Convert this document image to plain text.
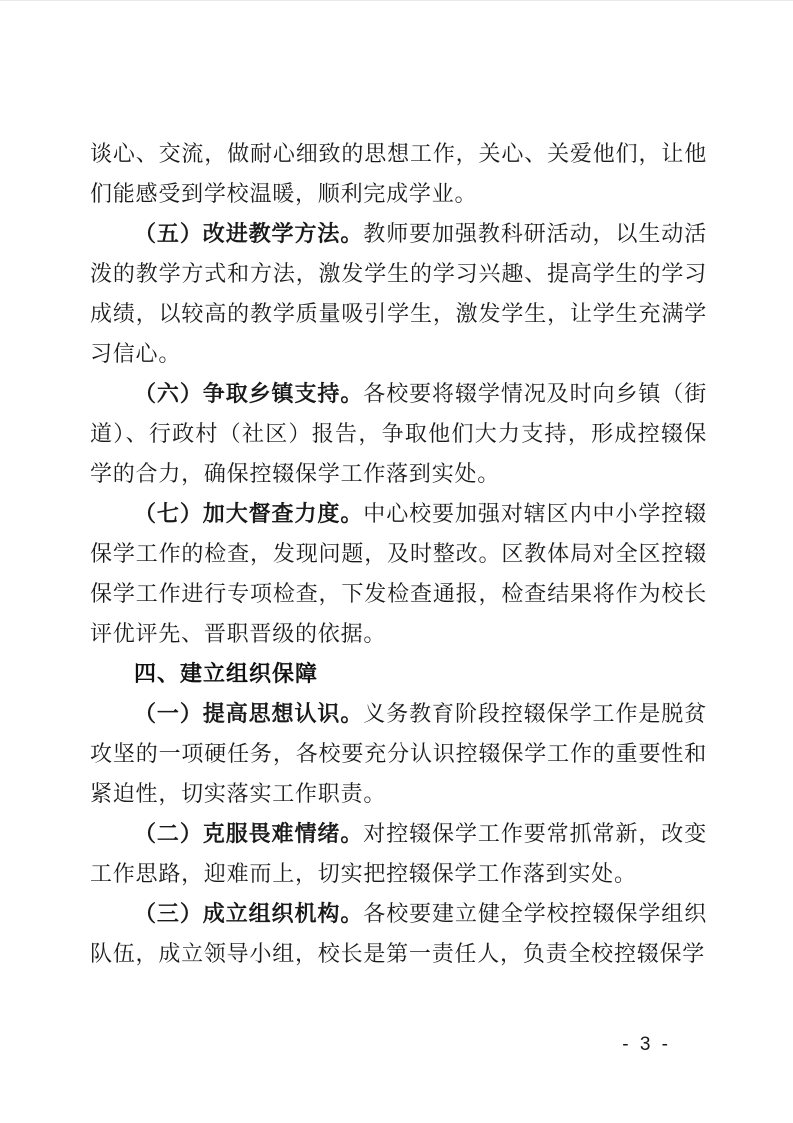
谈心、交流，做耐心细致的思想工作，关心、关爱他们，让他们能感受到学校温暖，顺利完成学业。

（五）改进教学方法。教师要加强教科研活动，以生动活泼的教学方式和方法，激发学生的学习兴趣、提高学生的学习成绩，以较高的教学质量吸引学生，激发学生，让学生充满学习信心。

（六）争取乡镇支持。各校要将辍学情况及时向乡镇（街道）、行政村（社区）报告，争取他们大力支持，形成控辍保学的合力，确保控辍保学工作落到实处。

（七）加大督查力度。中心校要加强对辖区内中小学控辍保学工作的检查，发现问题，及时整改。区教体局对全区控辍保学工作进行专项检查，下发检查通报，检查结果将作为校长评优评先、晋职晋级的依据。

四、建立组织保障

（一）提高思想认识。义务教育阶段控辍保学工作是脱贫攻坚的一项硬任务，各校要充分认识控辍保学工作的重要性和紧迫性，切实落实工作职责。

（二）克服畏难情绪。对控辍保学工作要常抓常新，改变工作思路，迎难而上，切实把控辍保学工作落到实处。

（三）成立组织机构。各校要建立健全学校控辍保学组织队伍，成立领导小组，校长是第一责任人，负责全校控辍保学

- 3 -
